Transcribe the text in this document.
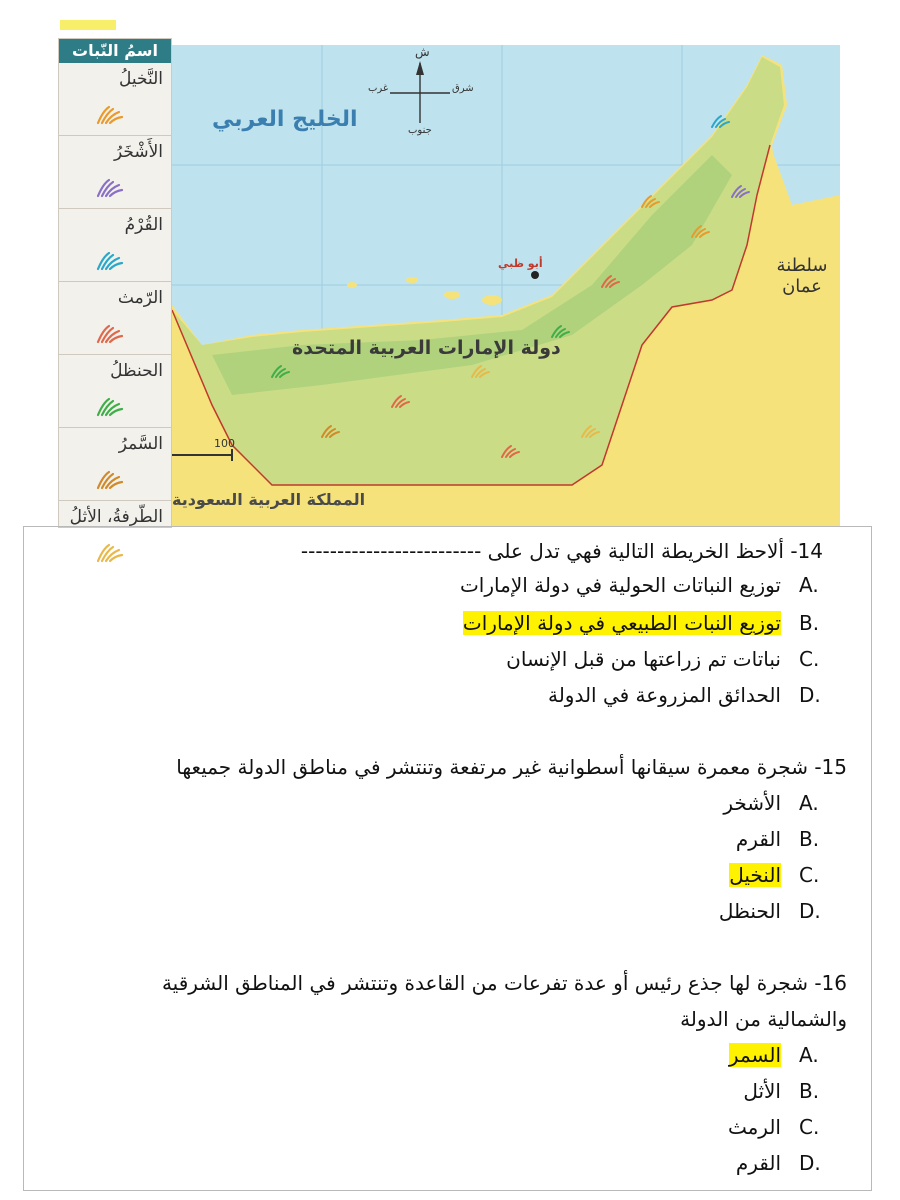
اسمُ النّبات
النَّخيلُ
الأَشْخَرُ
القُرْمُ
الرّمث
الحنظلُ
السَّمرُ
الطّرفةُ، الأثلُ
الخليج العربي
دولة الإمارات العربية المتحدة
سلطنة عمان
المملكة العربية السعودية
أبو ظبي
ش
جنوب
شرق
غرب
100
14- ألاحظ الخريطة التالية فهي تدل على -------------------------
A.
توزيع النباتات الحولية في دولة الإمارات
B.
توزيع النبات الطبيعي في دولة الإمارات
C.
نباتات تم زراعتها من قبل الإنسان
D.
الحدائق المزروعة في الدولة
15- شجرة معمرة سيقانها أسطوانية غير مرتفعة وتنتشر في مناطق الدولة جميعها
A.
الأشخر
B.
القرم
C.
النخيل
D.
الحنظل
16- شجرة لها جذع رئيس أو عدة تفرعات من القاعدة وتنتشر في المناطق الشرقية
والشمالية من الدولة
A.
السمر
B.
الأثل
C.
الرمث
D.
القرم
